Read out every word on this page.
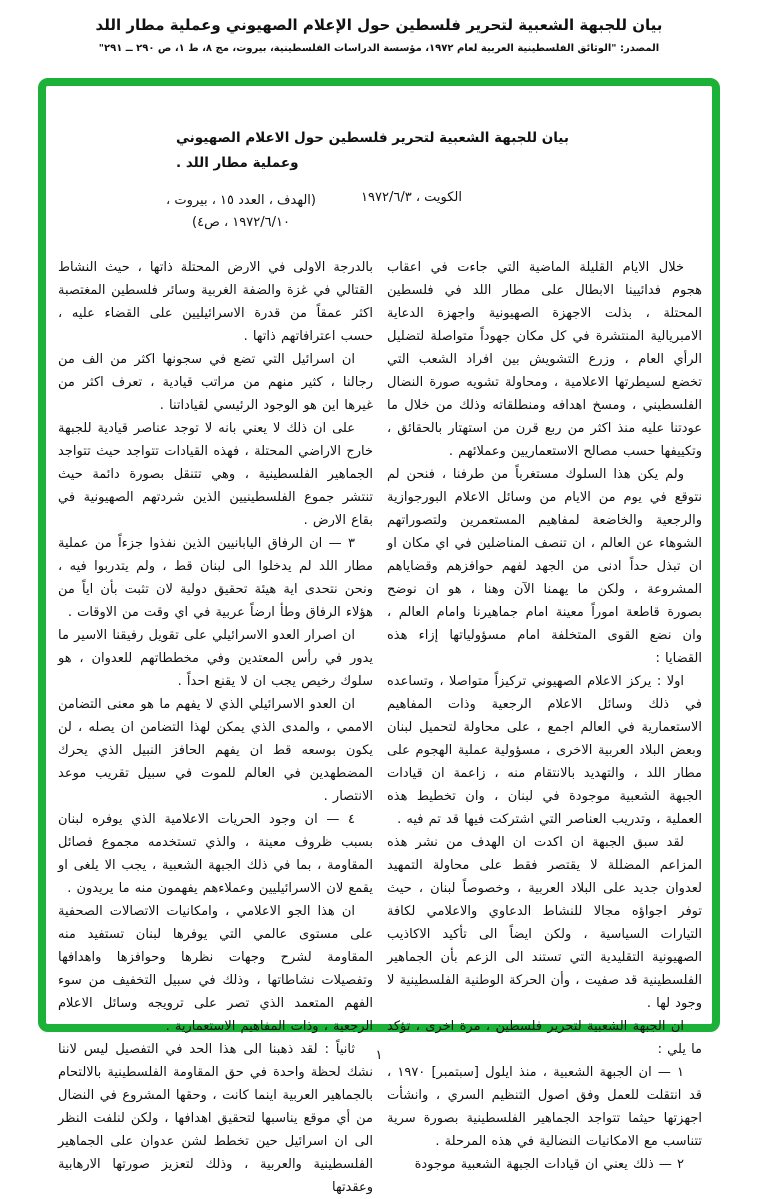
بيان للجبهة الشعبية لتحرير فلسطين حول الإعلام الصهيوني وعملية مطار اللد
المصدر: "الوثائق الفلسطينية العربية لعام ١٩٧٢، مؤسسة الدراسات الفلسطينية، بيروت، مج ٨، ط ١، ص ٢٩٠ ــ ٢٩١"
بيان للجبهة الشعبية لتحرير فلسطين حول الاعلام الصهيوني
وعملية مطار اللد .
الكويت ، ١٩٧٢/٦/٣
(الهدف ، العدد ١٥ ، بيروت ،
١٩٧٢/٦/١٠ ، ص٤)

خلال الايام القليلة الماضية التي جاءت في اعقاب هجوم فدائيينا الابطال على مطار اللد في فلسطين المحتلة ، بذلت الاجهزة الصهيونية واجهزة الدعاية الامبريالية المنتشرة في كل مكان جهوداً متواصلة لتضليل الرأي العام ، وزرع التشويش بين افراد الشعب التي تخضع لسيطرتها الاعلامية ، ومحاولة تشويه صورة النضال الفلسطيني ، ومسخ اهدافه ومنطلقاته وذلك من خلال ما عودتنا عليه منذ اكثر من ربع قرن من استهتار بالحقائق ، وتكييفها حسب مصالح الاستعماريين وعملائهم .

ولم يكن هذا السلوك مستغرباً من طرفنا ، فنحن لم نتوقع في يوم من الايام من وسائل الاعلام البورجوازية والرجعية والخاضعة لمفاهيم المستعمرين ولتصوراتهم الشوهاء عن العالم ، ان تنصف المناضلين في اي مكان او ان تبذل حداً ادنى من الجهد لفهم حوافزهم وقضاياهم المشروعة ، ولكن ما يهمنا الآن وهنا ، هو ان نوضح بصورة قاطعة اموراً معينة امام جماهيرنا وامام العالم ، وان نضع القوى المتخلفة امام مسؤولياتها إزاء هذه القضايا :

اولا : يركز الاعلام الصهيوني تركيزاً متواصلا ، وتساعده في ذلك وسائل الاعلام الرجعية وذات المفاهيم الاستعمارية في العالم اجمع ، على محاولة لتحميل لبنان وبعض البلاد العربية الاخرى ، مسؤولية عملية الهجوم على مطار اللد ، والتهديد بالانتقام منه ، زاعمة ان قيادات الجبهة الشعبية موجودة في لبنان ، وان تخطيط هذه العملية ، وتدريب العناصر التي اشتركت فيها قد تم فيه .

لقد سبق الجبهة ان اكدت ان الهدف من نشر هذه المزاعم المضللة لا يقتصر فقط على محاولة التمهيد لعدوان جديد على البلاد العربية ، وخصوصاً لبنان ، حيث توفر اجواؤه مجالا للنشاط الدعاوي والاعلامي لكافة التيارات السياسية ، ولكن ايضاً الى تأكيد الاكاذيب الصهيونية التقليدية التي تستند الى الزعم بأن الجماهير الفلسطينية قد صفيت ، وأن الحركة الوطنية الفلسطينية لا وجود لها .

ان الجبهة الشعبية لتحرير فلسطين ، مرة اخرى ، تؤكد ما يلي :

١ — ان الجبهة الشعبية ، منذ ايلول [سبتمبر] ١٩٧٠ ، قد انتقلت للعمل وفق اصول التنظيم السري ، وانشأت اجهزتها حيثما تتواجد الجماهير الفلسطينية بصورة سرية تتناسب مع الامكانيات النضالية في هذه المرحلة .

٢ — ذلك يعني ان قيادات الجبهة الشعبية موجودة

بالدرجة الاولى في الارض المحتلة ذاتها ، حيث النشاط القتالي في غزة والضفة الغربية وسائر فلسطين المغتصبة اكثر عمقاً من قدرة الاسرائيليين على القضاء عليه ، حسب اعترافاتهم ذاتها .

ان اسرائيل التي تضع في سجونها اكثر من الف من رجالنا ، كثير منهم من مراتب قيادية ، تعرف اكثر من غيرها اين هو الوجود الرئيسي لقياداتنا .

على ان ذلك لا يعني بانه لا توجد عناصر قيادية للجبهة خارج الاراضي المحتلة ، فهذه القيادات تتواجد حيث تتواجد الجماهير الفلسطينية ، وهي تتنقل بصورة دائمة حيث تنتشر جموع الفلسطينيين الذين شردتهم الصهيونية في بقاع الارض .

٣ — ان الرفاق اليابانيين الذين نفذوا جزءاً من عملية مطار اللد لم يدخلوا الى لبنان قط ، ولم يتدربوا فيه ، ونحن نتحدى اية هيئة تحقيق دولية لان تثبت بأن اياً من هؤلاء الرفاق وطأ ارضاً عربية في اي وقت من الاوقات .

ان اصرار العدو الاسرائيلي على تقويل رفيقنا الاسير ما يدور في رأس المعتدين وفي مخططاتهم للعدوان ، هو سلوك رخيص يجب ان لا يقنع احداً .

ان العدو الاسرائيلي الذي لا يفهم ما هو معنى التضامن الاممي ، والمدى الذي يمكن لهذا التضامن ان يصله ، لن يكون بوسعه قط ان يفهم الحافز النبيل الذي يحرك المضطهدين في العالم للموت في سبيل تقريب موعد الانتصار .

٤ — ان وجود الحريات الاعلامية الذي يوفره لبنان بسبب ظروف معينة ، والذي تستخدمه مجموع فصائل المقاومة ، بما في ذلك الجبهة الشعبية ، يجب الا يلغى او يقمع لان الاسرائيليين وعملاءهم يفهمون منه ما يريدون .

ان هذا الجو الاعلامي ، وامكانيات الاتصالات الصحفية على مستوى عالمي التي يوفرها لبنان تستفيد منه المقاومة لشرح وجهات نظرها وحوافزها واهدافها وتفصيلات نشاطاتها ، وذلك في سبيل التخفيف من سوء الفهم المتعمد الذي تصر على ترويجه وسائل الاعلام الرجعية ، وذات المفاهيم الاستعمارية .

ثانياً : لقد ذهبنا الى هذا الحد في التفصيل ليس لاننا نشك لحظة واحدة في حق المقاومة الفلسطينية بالالتحام بالجماهير العربية اينما كانت ، وحقها المشروع في النضال من أي موقع يناسبها لتحقيق اهدافها ، ولكن لنلفت النظر الى ان اسرائيل حين تخطط لشن عدوان على الجماهير الفلسطينية والعربية ، وذلك لتعزيز صورتها الارهابية وعقدتها

١
